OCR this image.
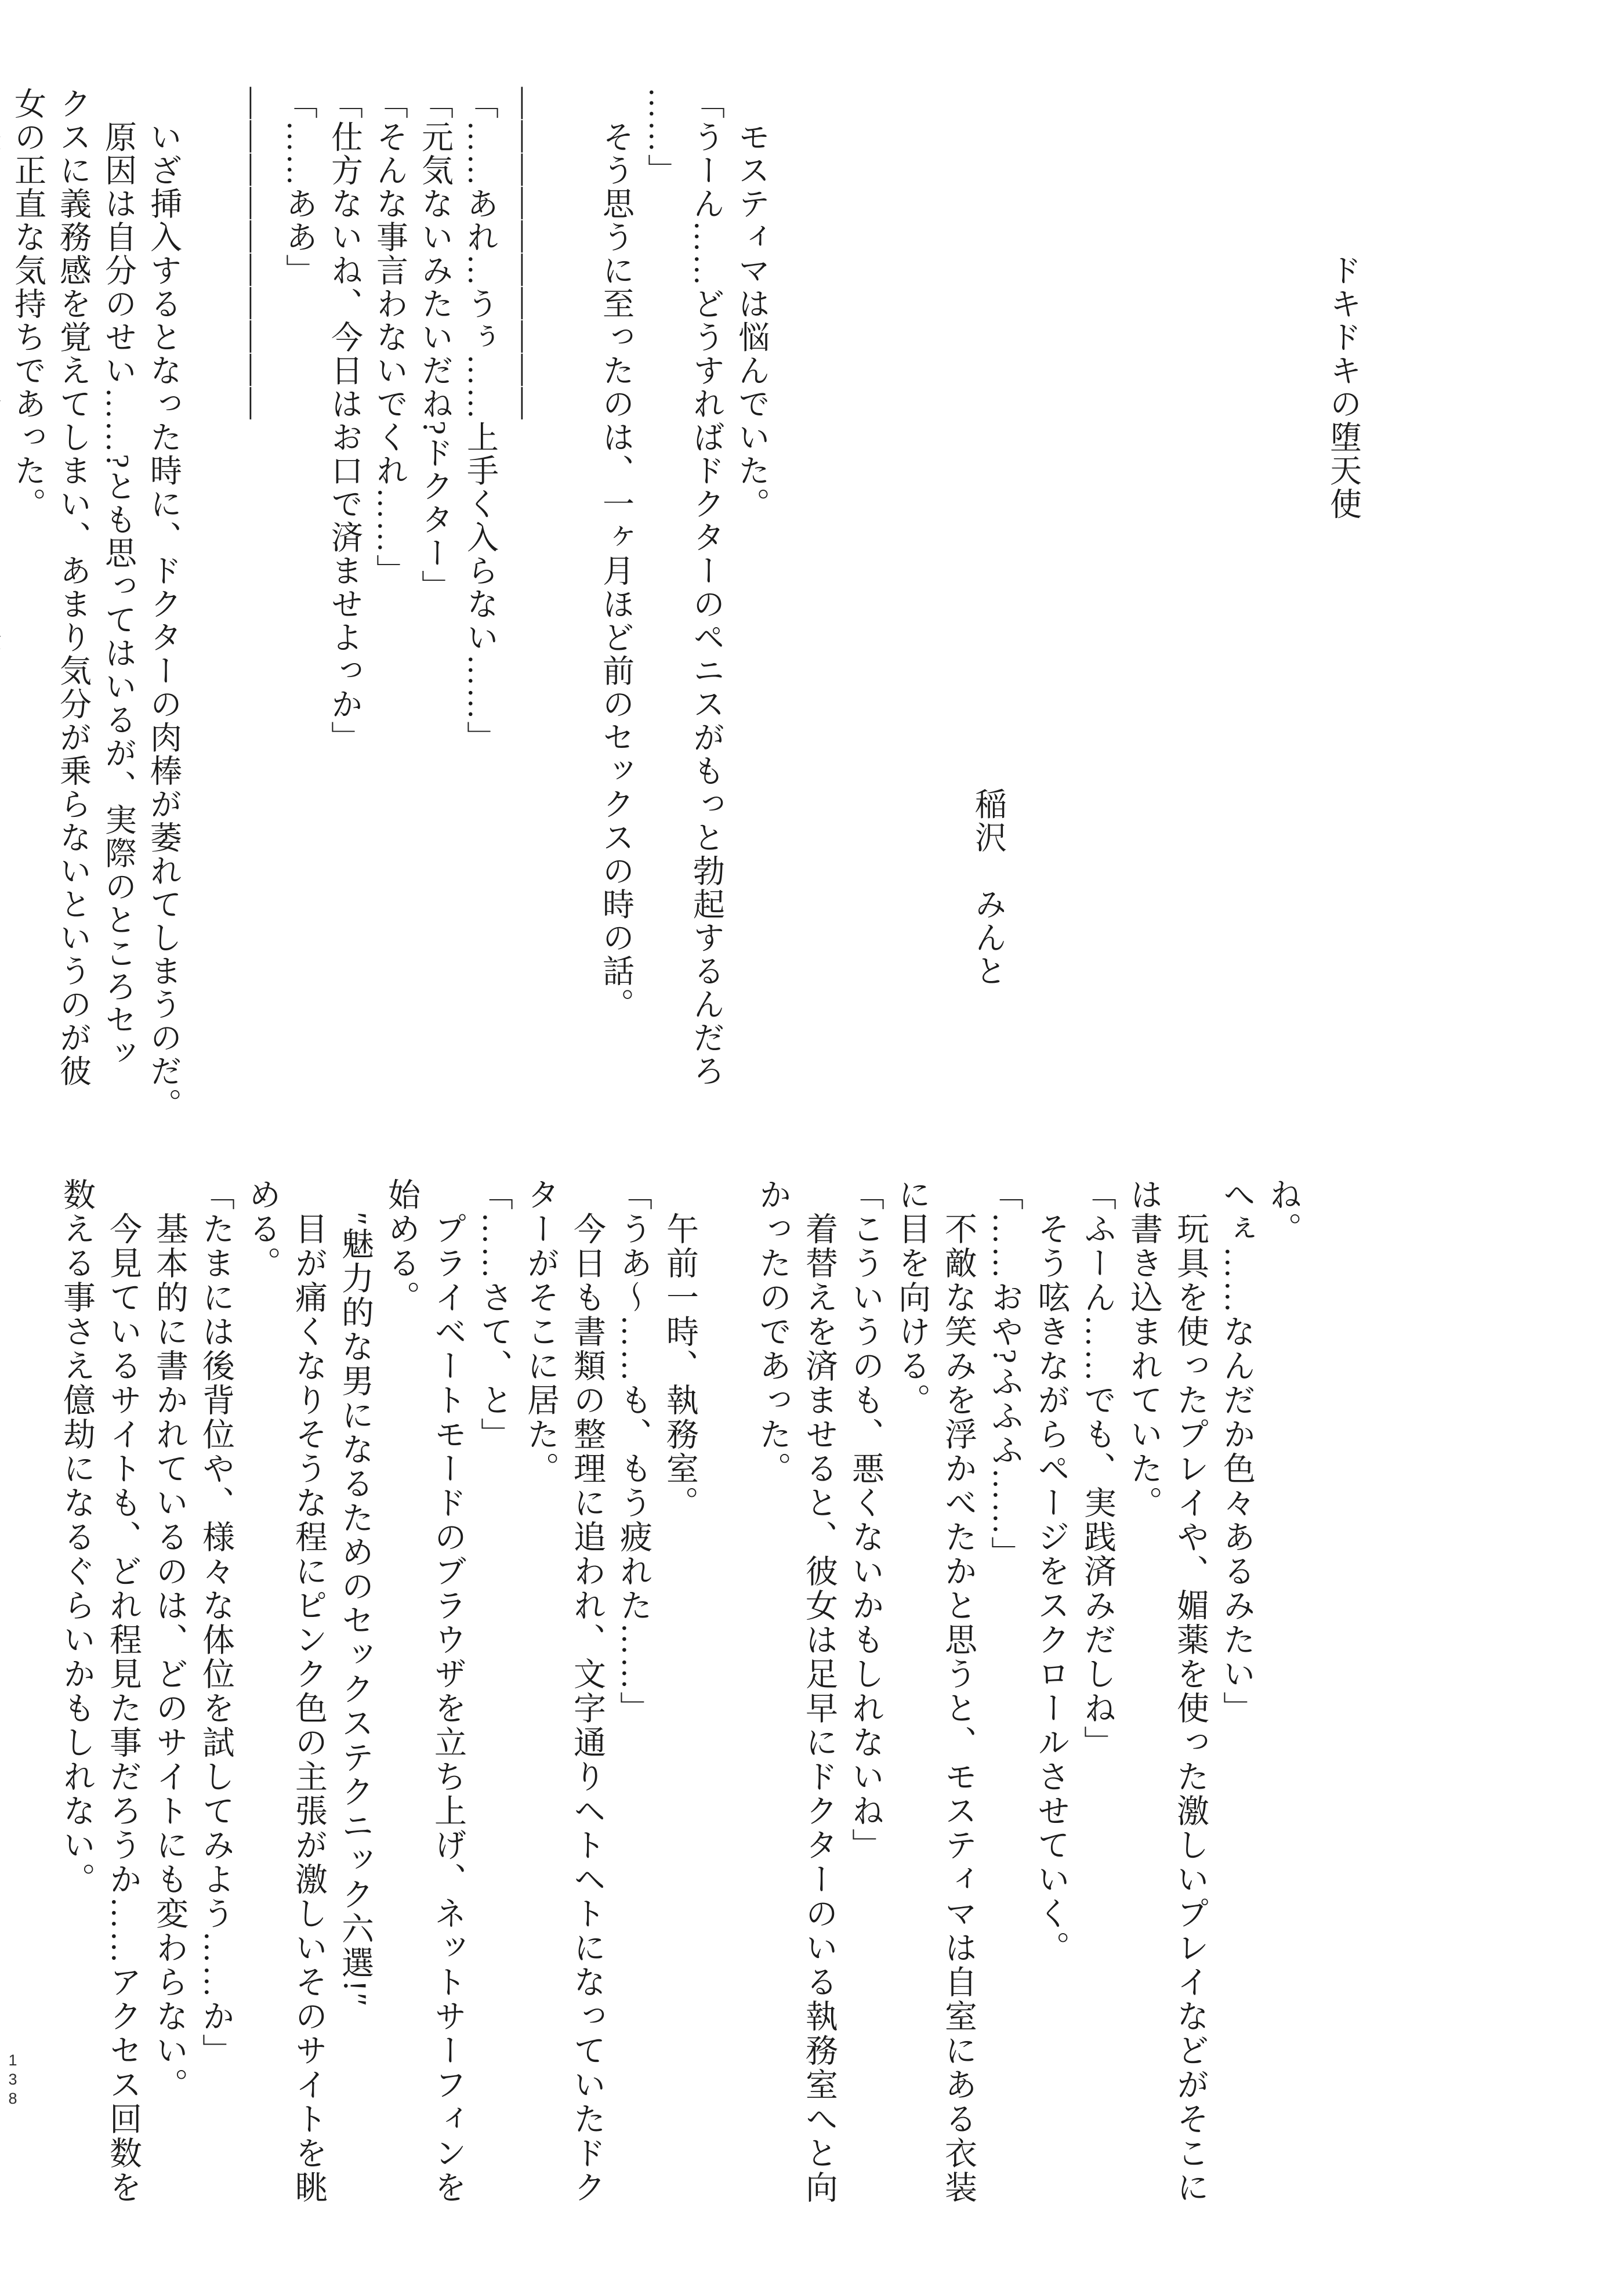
　　　　　ドキドキの堕天使

　　　　　　　　　　　　　　　　　　　　　稲沢　みんと

　モスティマは悩んでいた。

「うーん……どうすればドクターのペニスがもっと勃起するんだろ

……」

　そう思うに至ったのは、一ヶ月ほど前のセックスの時の話。

――――――――――

「……あれ…うぅ……上手く入らない……」

「元気ないみたいだね?ドクター」

「そんな事言わないでくれ……」

「仕方ないね、今日はお口で済ませよっか」

「……ああ」

――――――――――

　いざ挿入するとなった時に、ドクターの肉棒が萎れてしまうのだ。

　原因は自分のせい……?とも思ってはいるが、実際のところセッ

クスに義務感を覚えてしまい、あまり気分が乗らないというのが彼

女の正直な気持ちであった。

ね。

へぇ……なんだか色々あるみたい」

　玩具を使ったプレイや、媚薬を使った激しいプレイなどがそこに

は書き込まれていた。

「ふーん……でも、実践済みだしね」

　そう呟きながらページをスクロールさせていく。

「……おや?ふふふ……」

　不敵な笑みを浮かべたかと思うと、モスティマは自室にある衣装

に目を向ける。

「こういうのも、悪くないかもしれないね」

　着替えを済ませると、彼女は足早にドクターのいる執務室へと向

かったのであった。

　午前一時、執務室。

「うあ〜……も、もう疲れた……」

　今日も書類の整理に追われ、文字通りヘトヘトになっていたドク

ターがそこに居た。

「……さて、と」

　プライベートモードのブラウザを立ち上げ、ネットサーフィンを

始める。

　″魅力的な男になるためのセックステクニック六選!″

　目が痛くなりそうな程にピンク色の主張が激しいそのサイトを眺

める。

「たまには後背位や、様々な体位を試してみよう……か」

　基本的に書かれているのは、どのサイトにも変わらない。

　今見ているサイトも、どれ程見た事だろうか……アクセス回数を

数える事さえ億劫になるぐらいかもしれない。

138
